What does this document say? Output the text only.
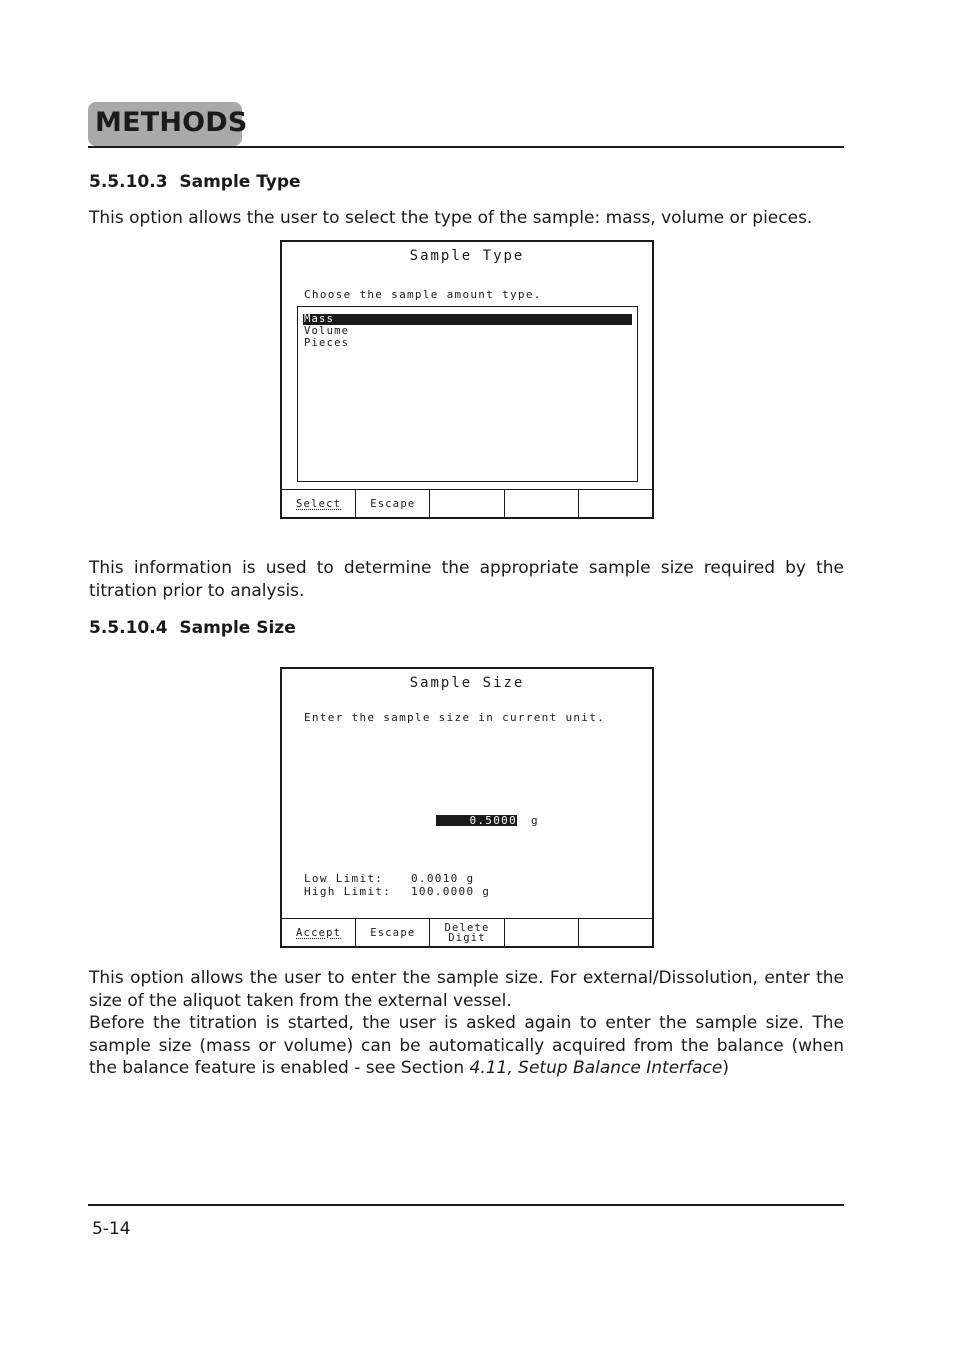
METHODS
5.5.10.3  Sample Type
This option allows the user to select the type of the sample: mass, volume or pieces.
Sample Type
Choose the sample amount type.
Mass
Volume
Pieces
Select	Escape
This information is used to determine the appropriate sample size required by the titration prior to analysis.
5.5.10.4  Sample Size
Sample Size
Enter the sample size in current unit.
0.5000 g
Low Limit:	0.0010 g
High Limit: 100.0000 g
Accept	Escape	Delete
Digit
This option allows the user to enter the sample size. For external/Dissolution, enter the size of the aliquot taken from the external vessel.
Before the titration is started, the user is asked again to enter the sample size. The sample size (mass or volume) can be automatically acquired from the balance (when the balance feature is enabled - see Section 4.11, Setup Balance Interface)
5-14
